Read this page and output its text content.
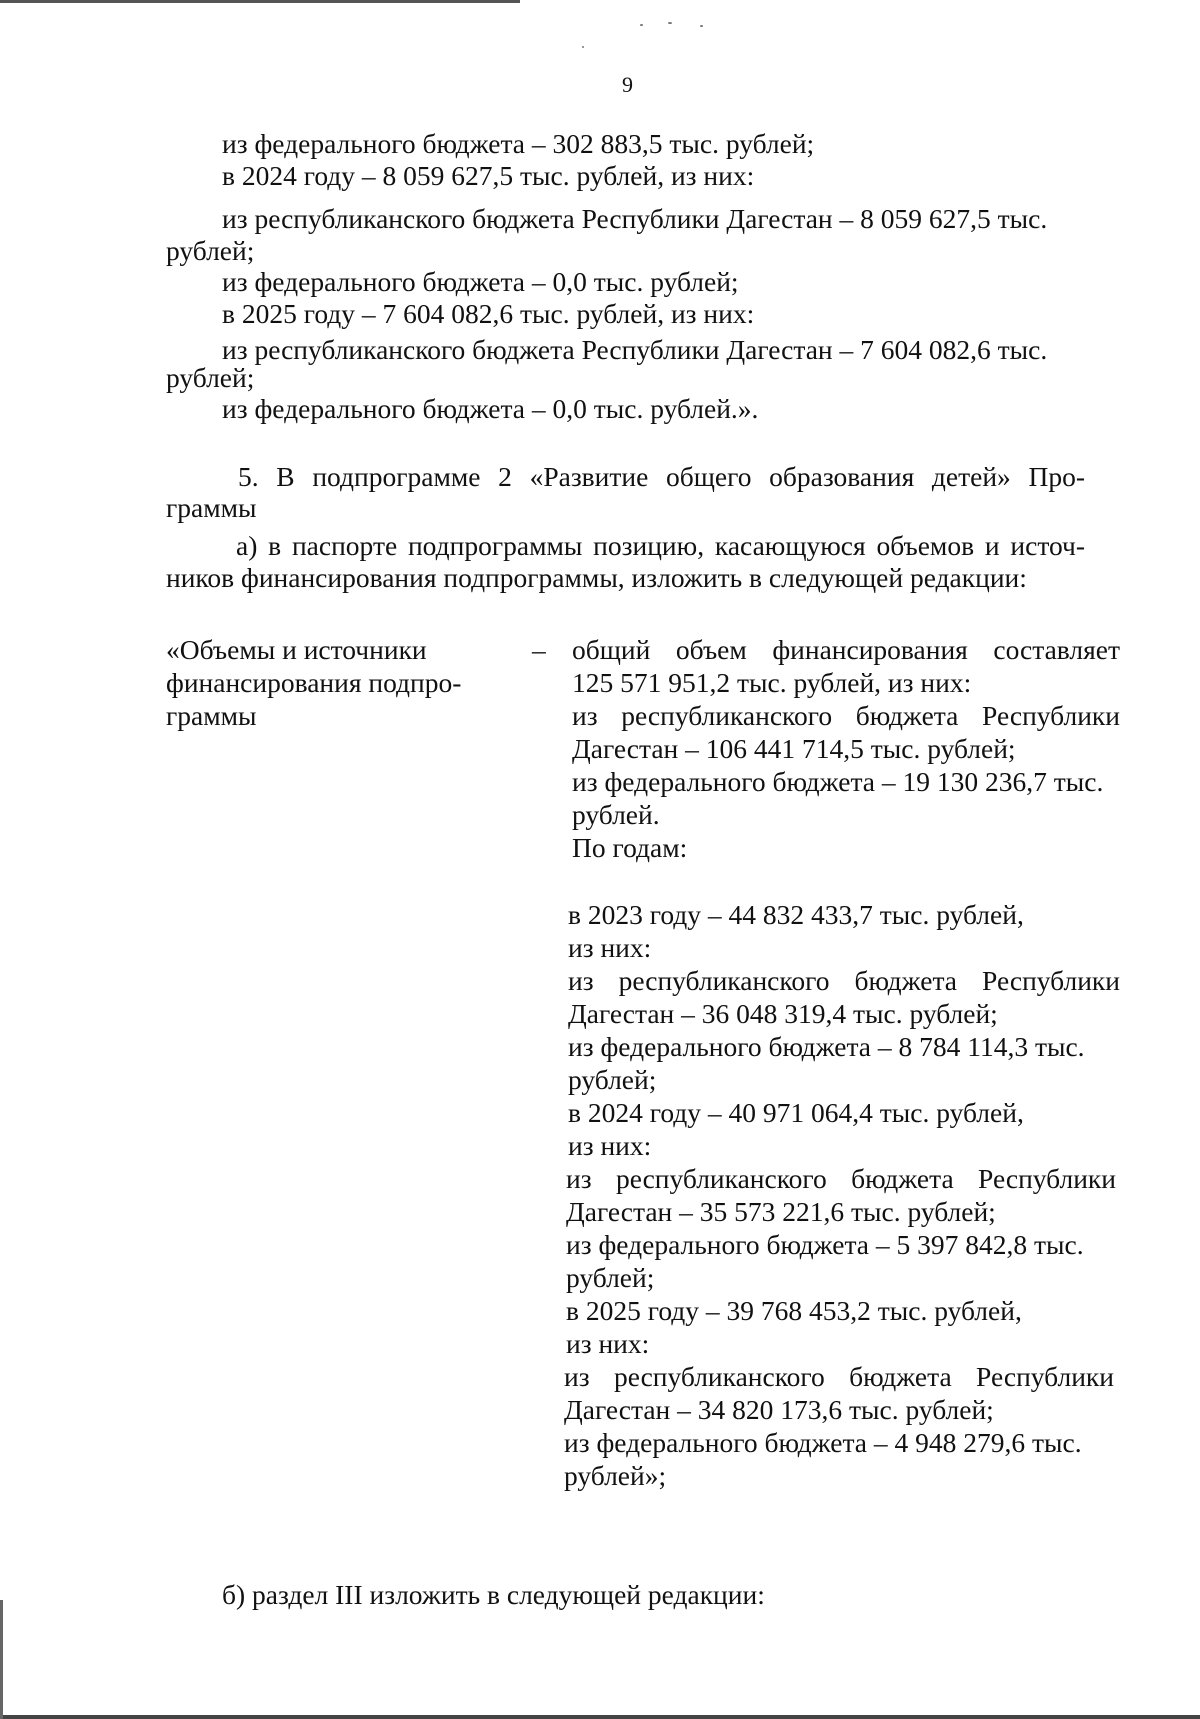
9
из федерального бюджета – 302 883,5 тыс. рублей;
в 2024 году – 8 059 627,5 тыс. рублей, из них:
из республиканского бюджета Республики Дагестан – 8 059 627,5 тыс.
рублей;
из федерального бюджета – 0,0 тыс. рублей;
в 2025 году – 7 604 082,6 тыс. рублей, из них:
из республиканского бюджета Республики Дагестан – 7 604 082,6 тыс.
рублей;
из федерального бюджета – 0,0 тыс. рублей.».
5. В подпрограмме 2 «Развитие общего образования детей» Про-
граммы
а) в паспорте подпрограммы позицию, касающуюся объемов и источ-
ников финансирования подпрограммы, изложить в следующей редакции:
«Объемы и источники
финансирования подпро-
граммы
– общий объем финансирования составляет
125 571 951,2 тыс. рублей, из них:
из республиканского бюджета Республики
Дагестан – 106 441 714,5 тыс. рублей;
из федерального бюджета – 19 130 236,7 тыс.
рублей.
По годам:
в 2023 году – 44 832 433,7 тыс. рублей,
из них:
из республиканского бюджета Республики
Дагестан – 36 048 319,4 тыс. рублей;
из федерального бюджета – 8 784 114,3 тыс.
рублей;
в 2024 году – 40 971 064,4 тыс. рублей,
из них:
из республиканского бюджета Республики
Дагестан – 35 573 221,6 тыс. рублей;
из федерального бюджета – 5 397 842,8 тыс.
рублей;
в 2025 году – 39 768 453,2 тыс. рублей,
из них:
из республиканского бюджета Республики
Дагестан – 34 820 173,6 тыс. рублей;
из федерального бюджета – 4 948 279,6 тыс.
рублей»;
б) раздел III изложить в следующей редакции:
